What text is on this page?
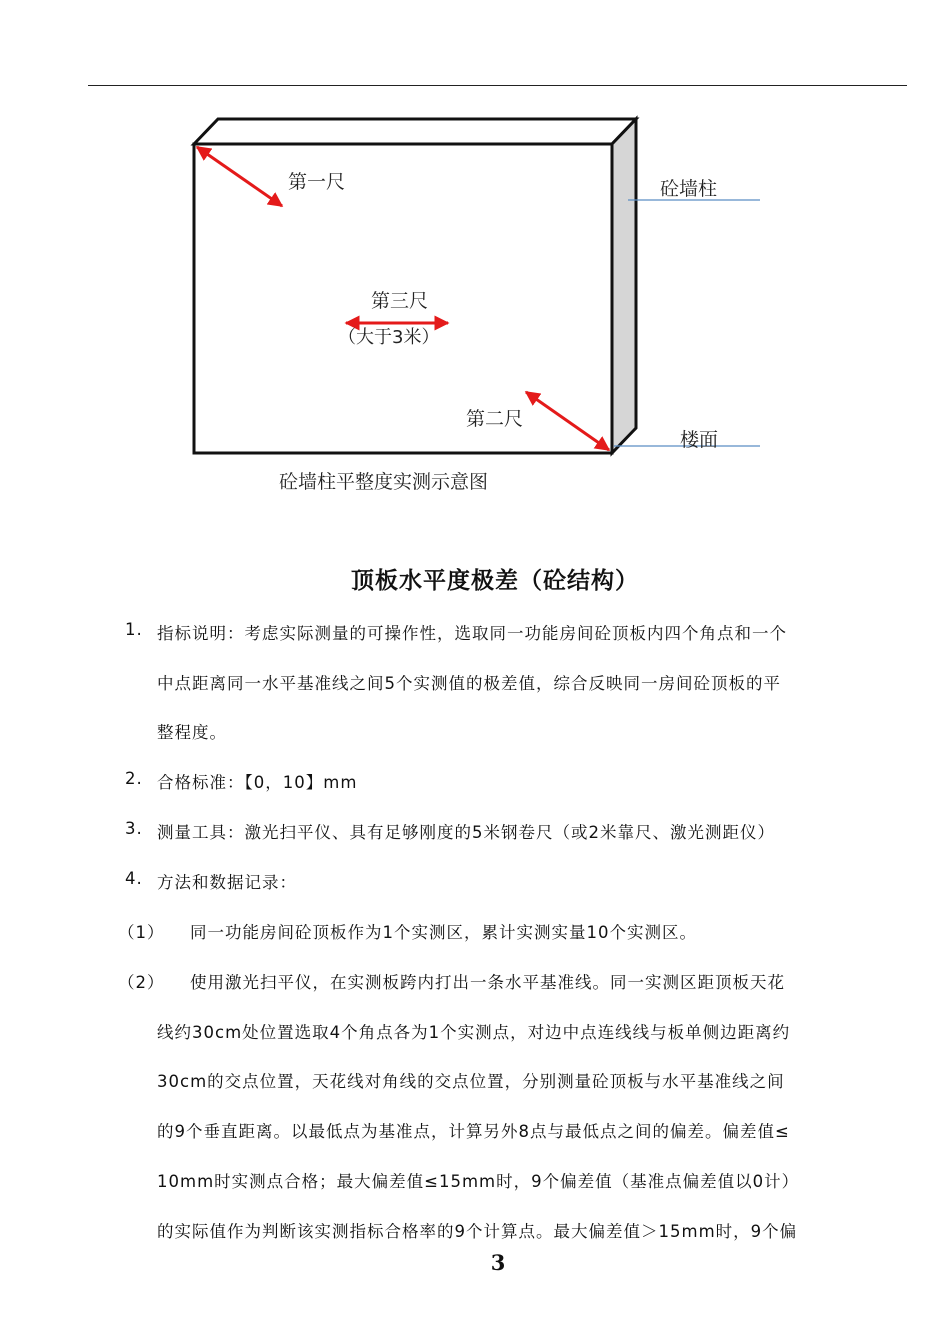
第一尺
第三尺
（大于3米）
第二尺
砼墙柱
楼面
砼墙柱平整度实测示意图
顶板水平度极差（砼结构）
1. 指标说明：考虑实际测量的可操作性，选取同一功能房间砼顶板内四个角点和一个
中点距离同一水平基准线之间5个实测值的极差值，综合反映同一房间砼顶板的平
整程度。
2. 合格标准：【0，10】mm
3. 测量工具：激光扫平仪、具有足够刚度的5米钢卷尺（或2米靠尺、激光测距仪）
4. 方法和数据记录：
（1） 同一功能房间砼顶板作为1个实测区，累计实测实量10个实测区。
（2） 使用激光扫平仪，在实测板跨内打出一条水平基准线。同一实测区距顶板天花
线约30cm处位置选取4个角点各为1个实测点，对边中点连线线与板单侧边距离约
30cm的交点位置，天花线对角线的交点位置，分别测量砼顶板与水平基准线之间
的9个垂直距离。以最低点为基准点，计算另外8点与最低点之间的偏差。偏差值≤
10mm时实测点合格；最大偏差值≤15mm时，9个偏差值（基准点偏差值以0计）
的实际值作为判断该实测指标合格率的9个计算点。最大偏差值＞15mm时，9个偏
3
